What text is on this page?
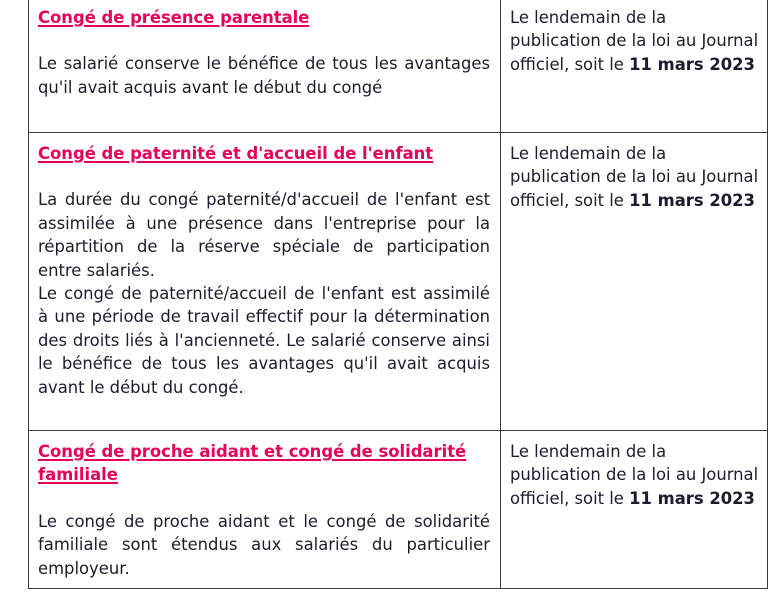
Congé de présence parentale

Le salarié conserve le bénéfice de tous les avantages qu'il avait acquis avant le début du congé	Le lendemain de la publication de la loi au Journal officiel, soit le 11 mars 2023

Congé de paternité et d'accueil de l'enfant

La durée du congé paternité/d'accueil de l'enfant est assimilée à une présence dans l'entreprise pour la répartition de la réserve spéciale de participation entre salariés.

Le congé de paternité/accueil de l'enfant est assimilé à une période de travail effectif pour la détermination des droits liés à l'ancienneté. Le salarié conserve ainsi le bénéfice de tous les avantages qu'il avait acquis avant le début du congé.	Le lendemain de la publication de la loi au Journal officiel, soit le 11 mars 2023

Congé de proche aidant et congé de solidarité familiale

Le congé de proche aidant et le congé de solidarité familiale sont étendus aux salariés du particulier employeur.	Le lendemain de la publication de la loi au Journal officiel, soit le 11 mars 2023
